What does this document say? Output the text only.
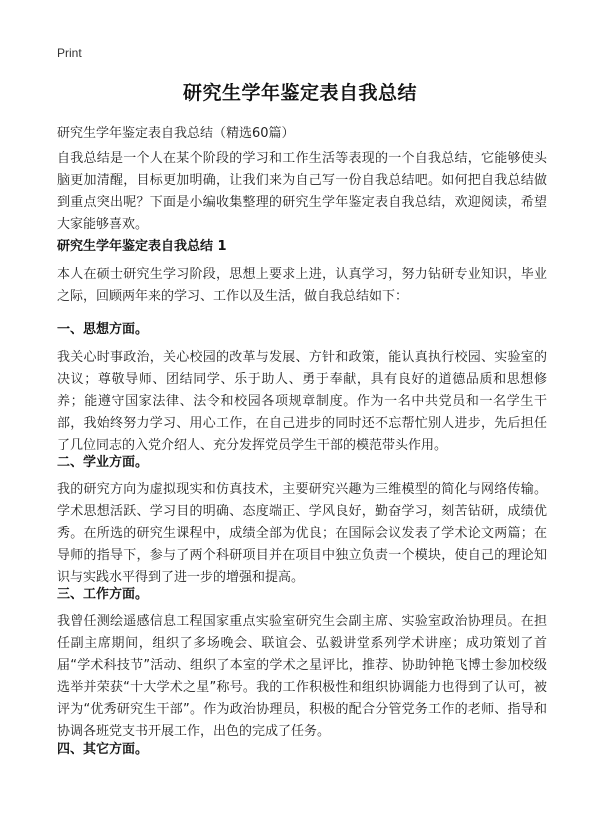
Print
研究生学年鉴定表自我总结
研究生学年鉴定表自我总结（精选60篇）
自我总结是一个人在某个阶段的学习和工作生活等表现的一个自我总结，它能够使头脑更加清醒，目标更加明确，让我们来为自己写一份自我总结吧。如何把自我总结做到重点突出呢？下面是小编收集整理的研究生学年鉴定表自我总结，欢迎阅读，希望大家能够喜欢。
研究生学年鉴定表自我总结 1
本人在硕士研究生学习阶段，思想上要求上进，认真学习，努力钻研专业知识，毕业之际，回顾两年来的学习、工作以及生活，做自我总结如下：
一、思想方面。
我关心时事政治，关心校园的改革与发展、方针和政策，能认真执行校园、实验室的决议；尊敬导师、团结同学、乐于助人、勇于奉献，具有良好的道德品质和思想修养；能遵守国家法律、法令和校园各项规章制度。作为一名中共党员和一名学生干部，我始终努力学习、用心工作，在自己进步的同时还不忘帮忙别人进步，先后担任了几位同志的入党介绍人、充分发挥党员学生干部的模范带头作用。
二、学业方面。
我的研究方向为虚拟现实和仿真技术，主要研究兴趣为三维模型的简化与网络传输。学术思想活跃、学习目的明确、态度端正、学风良好，勤奋学习，刻苦钻研，成绩优秀。在所选的研究生课程中，成绩全部为优良；在国际会议发表了学术论文两篇；在导师的指导下，参与了两个科研项目并在项目中独立负责一个模块，使自己的理论知识与实践水平得到了进一步的增强和提高。
三、工作方面。
我曾任测绘遥感信息工程国家重点实验室研究生会副主席、实验室政治协理员。在担任副主席期间，组织了多场晚会、联谊会、弘毅讲堂系列学术讲座；成功策划了首届“学术科技节”活动、组织了本室的学术之星评比，推荐、协助钟艳飞博士参加校级选举并荣获“十大学术之星”称号。我的工作积极性和组织协调能力也得到了认可，被评为“优秀研究生干部”。作为政治协理员，积极的配合分管党务工作的老师、指导和协调各班党支书开展工作，出色的完成了任务。
四、其它方面。
